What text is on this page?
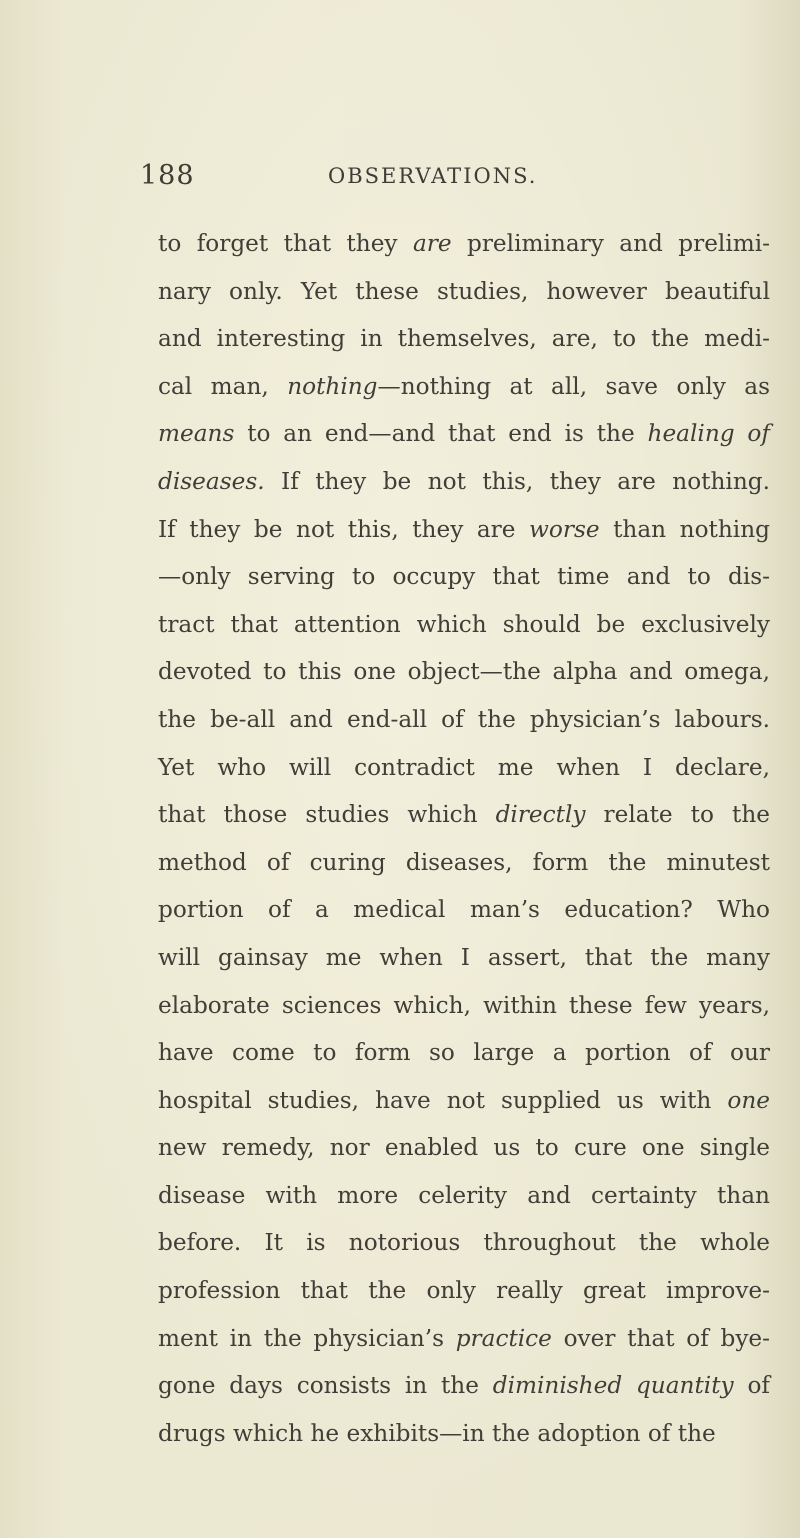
188	OBSERVATIONS.
to forget that they are preliminary and prelimi-
nary only. Yet these studies, however beautiful
and interesting in themselves, are, to the medi-
cal man, nothing—nothing at all, save only as
means to an end—and that end is the healing of
diseases. If they be not this, they are nothing.
If they be not this, they are worse than nothing
—only serving to occupy that time and to dis-
tract that attention which should be exclusively
devoted to this one object—the alpha and omega,
the be-all and end-all of the physician’s labours.
Yet who will contradict me when I declare,
that those studies which directly relate to the
method of curing diseases, form the minutest
portion of a medical man’s education? Who
will gainsay me when I assert, that the many
elaborate sciences which, within these few years,
have come to form so large a portion of our
hospital studies, have not supplied us with one
new remedy, nor enabled us to cure one single
disease with more celerity and certainty than
before. It is notorious throughout the whole
profession that the only really great improve-
ment in the physician’s practice over that of bye-
gone days consists in the diminished quantity of
drugs which he exhibits—in the adoption of the
